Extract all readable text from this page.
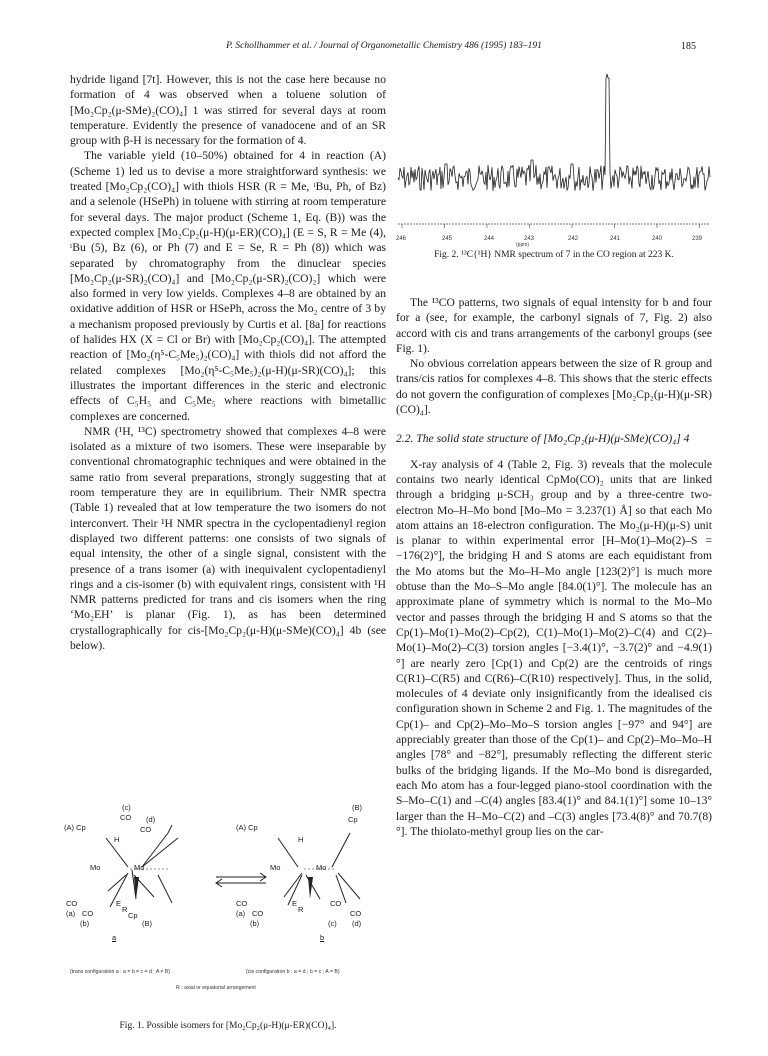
P. Schollhammer et al. / Journal of Organometallic Chemistry 486 (1995) 183–191	185

hydride ligand [7t]. However, this is not the case here because no formation of 4 was observed when a toluene solution of [Mo₂Cp₂(μ-SMe)₂(CO)₄] 1 was stirred for several days at room temperature. Evidently the presence of vanadocene and of an SR group with β-H is necessary for the formation of 4.

The variable yield (10–50%) obtained for 4 in reaction (A) (Scheme 1) led us to devise a more straightforward synthesis: we treated [Mo₂Cp₂(CO)₄] with thiols HSR (R = Me, ᵗBu, Ph, of Bz) and a selenole (HSePh) in toluene with stirring at room temperature for several days. The major product (Scheme 1, Eq. (B)) was the expected complex [Mo₂Cp₂(μ-H)(μ-ER)(CO)₄] (E = S, R = Me (4), ᵗBu (5), Bz (6), or Ph (7) and E = Se, R = Ph (8)) which was separated by chromatography from the dinuclear species [Mo₂Cp₂(μ-SR)₂(CO)₄] and [Mo₂Cp₂(μ-SR)₂(CO)₂] which were also formed in very low yields. Complexes 4–8 are obtained by an oxidative addition of HSR or HSePh, across the Mo₂ centre of 3 by a mechanism proposed previously by Curtis et al. [8a] for reactions of halides HX (X = Cl or Br) with [Mo₂Cp₂(CO)₄]. The attempted reaction of [Mo₂(η⁵-C₅Me₅)₂(CO)₄] with thiols did not afford the related complexes [Mo₂(η⁵-C₅Me₅)₂(μ-H)(μ-SR)(CO)₄]; this illustrates the important differences in the steric and electronic effects of C₅H₅ and C₅Me₅ where reactions with bimetallic complexes are concerned.

NMR (¹H, ¹³C) spectrometry showed that complexes 4–8 were isolated as a mixture of two isomers. These were inseparable by conventional chromatographic techniques and were obtained in the same ratio from several preparations, strongly suggesting that at room temperature they are in equilibrium. Their NMR spectra (Table 1) revealed that at low temperature the two isomers do not interconvert. Their ¹H NMR spectra in the cyclopentadienyl region displayed two different patterns: one consists of two signals of equal intensity, the other of a single signal, consistent with the presence of a trans isomer (a) with inequivalent cyclopentadienyl rings and a cis-isomer (b) with equivalent rings, consistent with ¹H NMR patterns predicted for trans and cis isomers when the ring ‘Mo₂EH’ is planar (Fig. 1), as has been determined crystallographically for cis-[Mo₂Cp₂(μ-H)(μ-SMe)(CO)₄] 4b (see below).

246	245	244	243	242	241	240	239
(ppm)
Fig. 2. ¹³C{¹H} NMR spectrum of 7 in the CO region at 223 K.

The ¹³CO patterns, two signals of equal intensity for b and four for a (see, for example, the carbonyl signals of 7, Fig. 2) also accord with cis and trans arrangements of the carbonyl groups (see Fig. 1).

No obvious correlation appears between the size of R group and trans/cis ratios for complexes 4–8. This shows that the steric effects do not govern the configuration of complexes [Mo₂Cp₂(μ-H)(μ-SR)(CO)₄].

2.2. The solid state structure of [Mo₂Cp₂(μ-H)(μ-SMe)(CO)₄] 4

X-ray analysis of 4 (Table 2, Fig. 3) reveals that the molecule contains two nearly identical CpMo(CO)₂ units that are linked through a bridging μ-SCH₃ group and by a three-centre two-electron Mo–H–Mo bond [Mo–Mo = 3.237(1) Å] so that each Mo atom attains an 18-electron configuration. The Mo₂(μ-H)(μ-S) unit is planar to within experimental error [H–Mo(1)–Mo(2)–S = −176(2)°], the bridging H and S atoms are each equidistant from the Mo atoms but the Mo–H–Mo angle [123(2)°] is much more obtuse than the Mo–S–Mo angle [84.0(1)°]. The molecule has an approximate plane of symmetry which is normal to the Mo–Mo vector and passes through the bridging H and S atoms so that the Cp(1)–Mo(1)–Mo(2)–Cp(2), C(1)–Mo(1)–Mo(2)–C(4) and C(2)–Mo(1)–Mo(2)–C(3) torsion angles [−3.4(1)°, −3.7(2)° and −4.9(1)°] are nearly zero [Cp(1) and Cp(2) are the centroids of rings C(R1)–C(R5) and C(R6)–C(R10) respectively]. Thus, in the solid, molecules of 4 deviate only insignificantly from the idealised cis configuration shown in Scheme 2 and Fig. 1. The magnitudes of the Cp(1)– and Cp(2)–Mo–Mo–S torsion angles [−97° and 94°] are appreciably greater than those of the Cp(1)– and Cp(2)–Mo–Mo–H angles [78° and −82°], presumably reflecting the different steric bulks of the bridging ligands. If the Mo–Mo bond is disregarded, each Mo atom has a four-legged piano-stool coordination with the S–Mo–C(1) and –C(4) angles [83.4(1)° and 84.1(1)°] some 10–13° larger than the H–Mo–C(2) and –C(3) angles [73.4(8)° and 70.7(8)°]. The thiolato-methyl group lies on the car-

(A) Cp
(c)
CO (d)
CO
H
Mo	Mo
CO
(a) CO
(b)
E
R
Cp
(B)
a
(A) Cp
(B)
Cp
H
Mo	Mo
CO
(a) CO
(b)
E
R
CO
(c)
CO
(d)
b
(trans configuration a : a = b ≠ c = d ; A ≠ B)	(cis configuration b : a = d ; b = c ; A = B)
R : axial or equatorial arrangement
Fig. 1. Possible isomers for [Mo₂Cp₂(μ-H)(μ-ER)(CO)₄].
